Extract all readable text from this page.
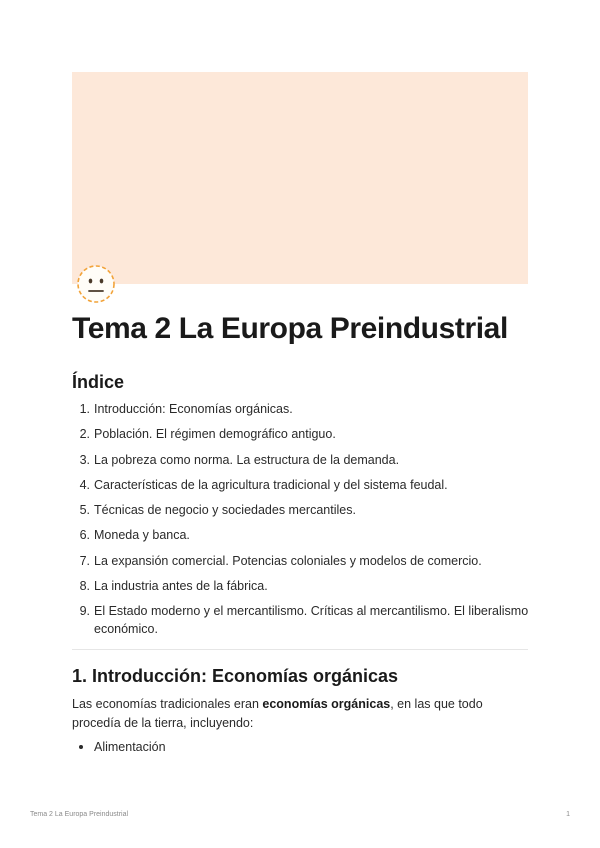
Tema 2 La Europa Preindustrial
Índice
1. Introducción: Economías orgánicas.
2. Población. El régimen demográfico antiguo.
3. La pobreza como norma. La estructura de la demanda.
4. Características de la agricultura tradicional y del sistema feudal.
5. Técnicas de negocio y sociedades mercantiles.
6. Moneda y banca.
7. La expansión comercial. Potencias coloniales y modelos de comercio.
8. La industria antes de la fábrica.
9. El Estado moderno y el mercantilismo. Críticas al mercantilismo. El liberalismo económico.
1. Introducción: Economías orgánicas

Las economías tradicionales eran economías orgánicas, en las que todo procedía de la tierra, incluyendo:

Alimentación
Tema 2 La Europa Preindustrial	1
